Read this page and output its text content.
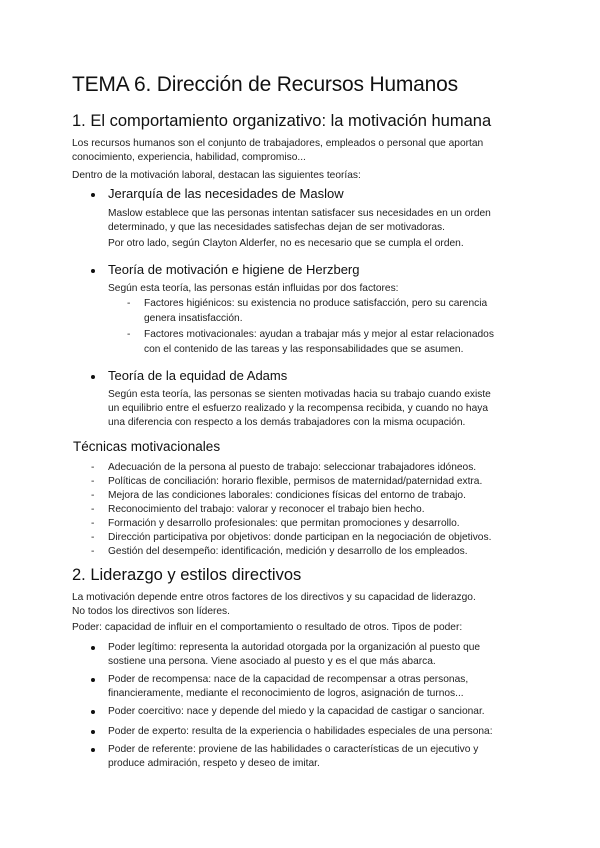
TEMA 6. Dirección de Recursos Humanos
1. El comportamiento organizativo: la motivación humana
Los recursos humanos son el conjunto de trabajadores, empleados o personal que aportan
conocimiento, experiencia, habilidad, compromiso...
Dentro de la motivación laboral, destacan las siguientes teorías:
Jerarquía de las necesidades de Maslow
Maslow establece que las personas intentan satisfacer sus necesidades en un orden
determinado, y que las necesidades satisfechas dejan de ser motivadoras.
Por otro lado, según Clayton Alderfer, no es necesario que se cumpla el orden.
Teoría de motivación e higiene de Herzberg
Según esta teoría, las personas están influidas por dos factores:
- Factores higiénicos: su existencia no produce satisfacción, pero su carencia
genera insatisfacción.
- Factores motivacionales: ayudan a trabajar más y mejor al estar relacionados
con el contenido de las tareas y las responsabilidades que se asumen.
Teoría de la equidad de Adams
Según esta teoría, las personas se sienten motivadas hacia su trabajo cuando existe
un equilibrio entre el esfuerzo realizado y la recompensa recibida, y cuando no haya
una diferencia con respecto a los demás trabajadores con la misma ocupación.
Técnicas motivacionales
- Adecuación de la persona al puesto de trabajo: seleccionar trabajadores idóneos.
- Políticas de conciliación: horario flexible, permisos de maternidad/paternidad extra.
- Mejora de las condiciones laborales: condiciones físicas del entorno de trabajo.
- Reconocimiento del trabajo: valorar y reconocer el trabajo bien hecho.
- Formación y desarrollo profesionales: que permitan promociones y desarrollo.
- Dirección participativa por objetivos: donde participan en la negociación de objetivos.
- Gestión del desempeño: identificación, medición y desarrollo de los empleados.
2. Liderazgo y estilos directivos
La motivación depende entre otros factores de los directivos y su capacidad de liderazgo.
No todos los directivos son líderes.
Poder: capacidad de influir en el comportamiento o resultado de otros. Tipos de poder:
Poder legítimo: representa la autoridad otorgada por la organización al puesto que
sostiene una persona. Viene asociado al puesto y es el que más abarca.
Poder de recompensa: nace de la capacidad de recompensar a otras personas,
financieramente, mediante el reconocimiento de logros, asignación de turnos...
Poder coercitivo: nace y depende del miedo y la capacidad de castigar o sancionar.
Poder de experto: resulta de la experiencia o habilidades especiales de una persona:
Poder de referente: proviene de las habilidades o características de un ejecutivo y
produce admiración, respeto y deseo de imitar.
